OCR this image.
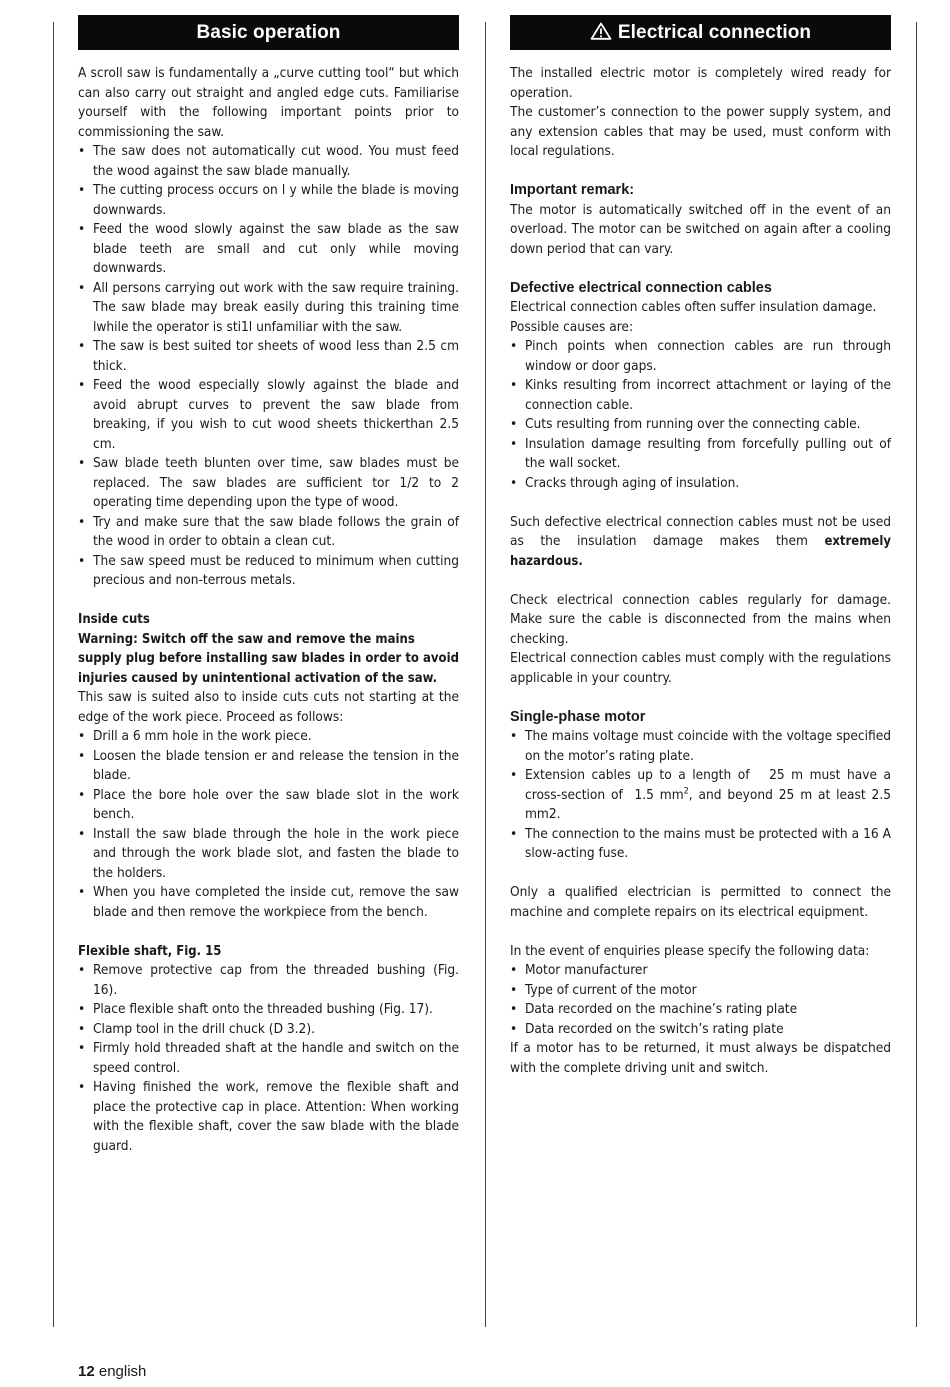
Basic operation

A scroll saw is fundamentally a „curve cutting tool“ but which can also carry out straight and angled edge cuts. Familiarise yourself with the following important points prior to commissioning the saw.

• The saw does not automatically cut wood. You must feed the wood against the saw blade manually.
• The cutting process occurs on l y while the blade is moving downwards.
• Feed the wood slowly against the saw blade as the saw blade teeth are small and cut only while moving downwards.
• All persons carrying out work with the saw require training. The saw blade may break easily during this training time lwhile the operator is sti1l unfamiliar with the saw.
• The saw is best suited tor sheets of wood less than 2.5 cm thick.
• Feed the wood especially slowly against the blade and avoid abrupt curves to prevent the saw blade from breaking, if you wish to cut wood sheets thickerthan 2.5 cm.
• Saw blade teeth blunten over time, saw blades must be replaced. The saw blades are sufficient tor 1/2 to 2 operating time depending upon the type of wood.
• Try and make sure that the saw blade follows the grain of the wood in order to obtain a clean cut.
• The saw speed must be reduced to minimum when cutting precious and non-terrous metals.

Inside cuts

Warning: Switch off the saw and remove the mains supply plug before installing saw blades in order to avoid injuries caused by unintentional activation of the saw.

This saw is suited also to inside cuts cuts not starting at the edge of the work piece. Proceed as follows:

• Drill a 6 mm hole in the work piece.
• Loosen the blade tension er and release the tension in the blade.
• Place the bore hole over the saw blade slot in the work bench.
• Install the saw blade through the hole in the work piece and through the work blade slot, and fasten the blade to the holders.
• When you have completed the inside cut, remove the saw blade and then remove the workpiece from the bench.

Flexible shaft, Fig. 15

• Remove protective cap from the threaded bushing (Fig. 16).
• Place flexible shaft onto the threaded bushing (Fig. 17).
• Clamp tool in the drill chuck (D 3.2).
• Firmly hold threaded shaft at the handle and switch on the speed control.
• Having finished the work, remove the flexible shaft and place the protective cap in place. Attention: When working with the flexible shaft, cover the saw blade with the blade guard.
Electrical connection

The installed electric motor is completely wired ready for operation.

The customer’s connection to the power supply system, and any extension cables that may be used, must conform with local regulations.

Important remark:

The motor is automatically switched off in the event of an overload. The motor can be switched on again after a cooling down period that can vary.

Defective electrical connection cables

Electrical connection cables often suffer insulation damage.

Possible causes are:

• Pinch points when connection cables are run through window or door gaps.
• Kinks resulting from incorrect attachment or laying of the connection cable.
• Cuts resulting from running over the connecting cable.
• Insulation damage resulting from forcefully pulling out of the wall socket.
• Cracks through aging of insulation.

Such defective electrical connection cables must not be used as the insulation damage makes them extremely hazardous.

Check electrical connection cables regularly for damage. Make sure the cable is disconnected from the mains when checking.

Electrical connection cables must comply with the regulations applicable in your country.

Single-phase motor

• The mains voltage must coincide with the voltage specified on the motor’s rating plate.
• Extension cables up to a length of   25 m must have a cross-section of  1.5 $mm^2$, and beyond 25 m at least 2.5 mm2.
• The connection to the mains must be protected with a 16 A slow-acting fuse.

Only a qualified electrician is permitted to connect the machine and complete repairs on its electrical equipment.

In the event of enquiries please specify the following data:

• Motor manufacturer
• Type of current of the motor
• Data recorded on the machine’s rating plate
• Data recorded on the switch’s rating plate

If a motor has to be returned, it must always be dispatched with the complete driving unit and switch.

12 english
